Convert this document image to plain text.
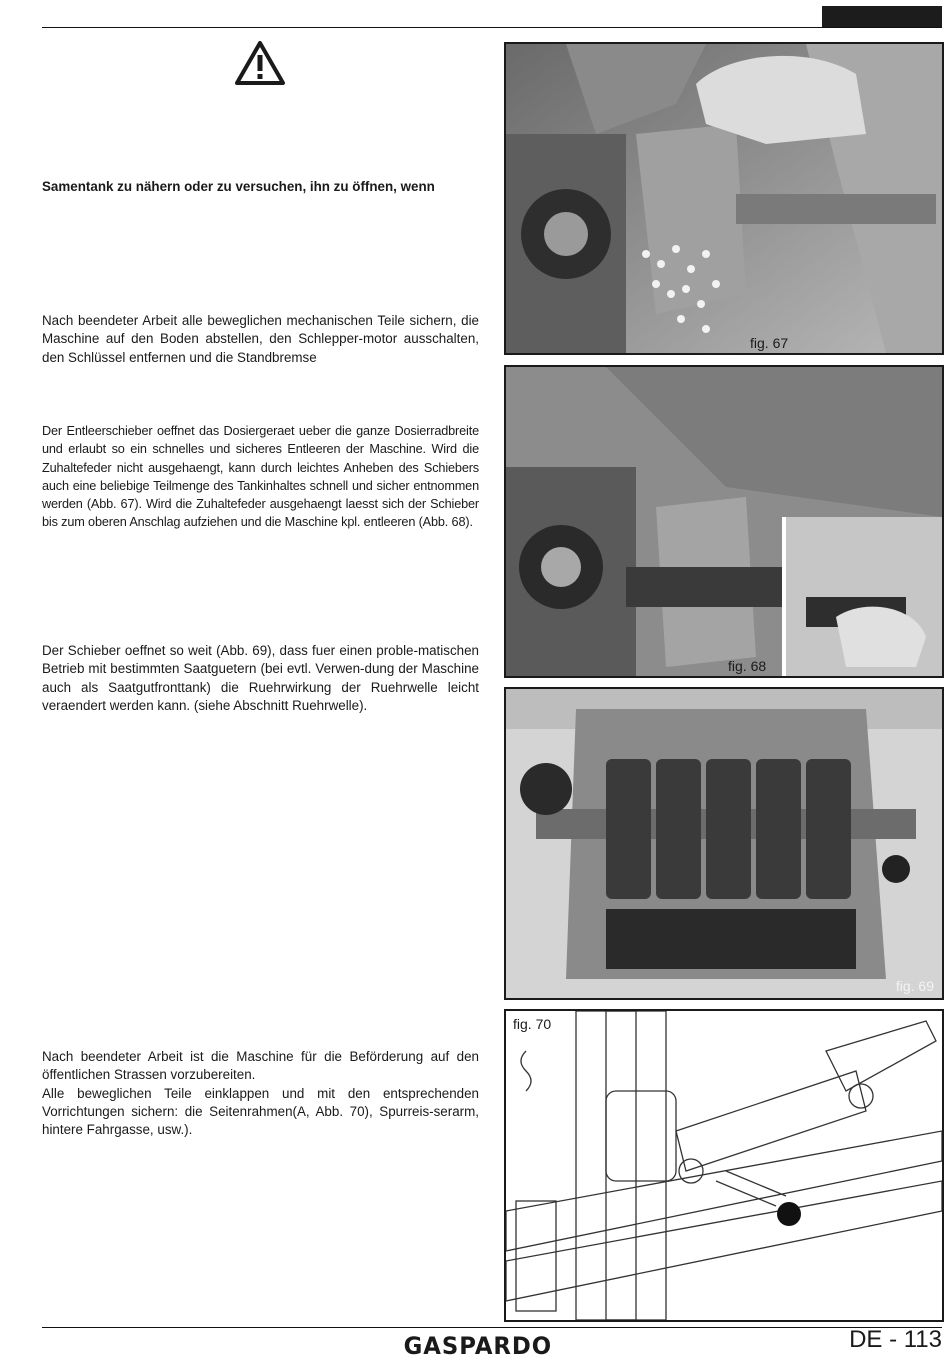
Samentank zu nähern oder zu versuchen, ihn zu öffnen, wenn

Nach beendeter Arbeit alle beweglichen mechanischen Teile sichern, die Maschine auf den Boden abstellen, den Schlepper-motor ausschalten, den Schlüssel entfernen und die Standbremse

Der Entleerschieber oeffnet das Dosiergeraet ueber die ganze Dosierradbreite und erlaubt so ein schnelles und sicheres Entleeren der Maschine. Wird die Zuhaltefeder nicht ausgehaengt, kann durch leichtes Anheben des Schiebers auch eine beliebige Teilmenge des Tankinhaltes schnell und sicher entnommen werden (Abb. 67). Wird die Zuhaltefeder ausgehaengt laesst sich der Schieber bis zum oberen Anschlag aufziehen und die Maschine kpl. entleeren (Abb. 68).

Der Schieber oeffnet so weit (Abb. 69), dass fuer einen proble-matischen Betrieb mit bestimmten Saatguetern (bei evtl. Verwen-dung der Maschine auch als Saatgutfronttank) die Ruehrwirkung der Ruehrwelle leicht veraendert werden kann. (siehe Abschnitt Ruehrwelle).

Nach beendeter Arbeit ist die Maschine für die Beförderung auf den öffentlichen Strassen vorzubereiten.
Alle beweglichen Teile einklappen und mit den entsprechenden Vorrichtungen sichern: die Seitenrahmen(A, Abb. 70), Spurreis-serarm, hintere Fahrgasse, usw.).
fig. 67
fig. 68
fig. 69
fig. 70
GASPARDO	DE - 113
